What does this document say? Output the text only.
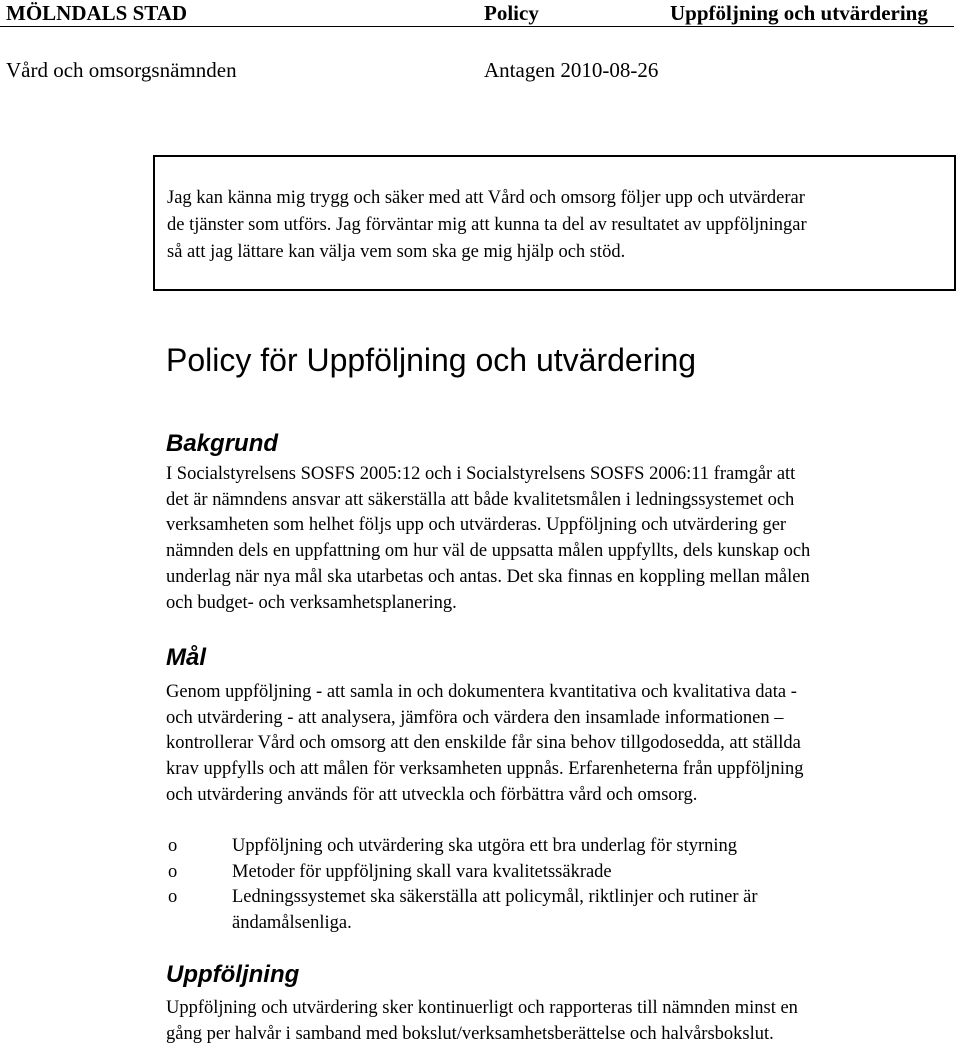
MÖLNDALS STAD	Policy	Uppföljning och utvärdering
Vård och omsorgsnämnden	Antagen 2010-08-26
Jag kan känna mig trygg och säker med att Vård och omsorg följer upp och utvärderar
de tjänster som utförs. Jag förväntar mig att kunna ta del av resultatet av uppföljningar
så att jag lättare kan välja vem som ska ge mig hjälp och stöd.
Policy för Uppföljning och utvärdering
Bakgrund
I Socialstyrelsens SOSFS 2005:12 och i Socialstyrelsens SOSFS 2006:11 framgår att
det är nämndens ansvar att säkerställa att både kvalitetsmålen i ledningssystemet och
verksamheten som helhet följs upp och utvärderas. Uppföljning och utvärdering ger
nämnden dels en uppfattning om hur väl de uppsatta målen uppfyllts, dels kunskap och
underlag när nya mål ska utarbetas och antas. Det ska finnas en koppling mellan målen
och budget- och verksamhetsplanering.
Mål
Genom uppföljning - att samla in och dokumentera kvantitativa och kvalitativa data -
och utvärdering - att analysera, jämföra och värdera den insamlade informationen –
kontrollerar Vård och omsorg att den enskilde får sina behov tillgodosedda, att ställda
krav uppfylls och att målen för verksamheten uppnås. Erfarenheterna från uppföljning
och utvärdering används för att utveckla och förbättra vård och omsorg.
o	Uppföljning och utvärdering ska utgöra ett bra underlag för styrning
o	Metoder för uppföljning skall vara kvalitetssäkrade
o	Ledningssystemet ska säkerställa att policymål, riktlinjer och rutiner är
ändamålsenliga.
Uppföljning
Uppföljning och utvärdering sker kontinuerligt och rapporteras till nämnden minst en
gång per halvår i samband med bokslut/verksamhetsberättelse och halvårsbokslut.
